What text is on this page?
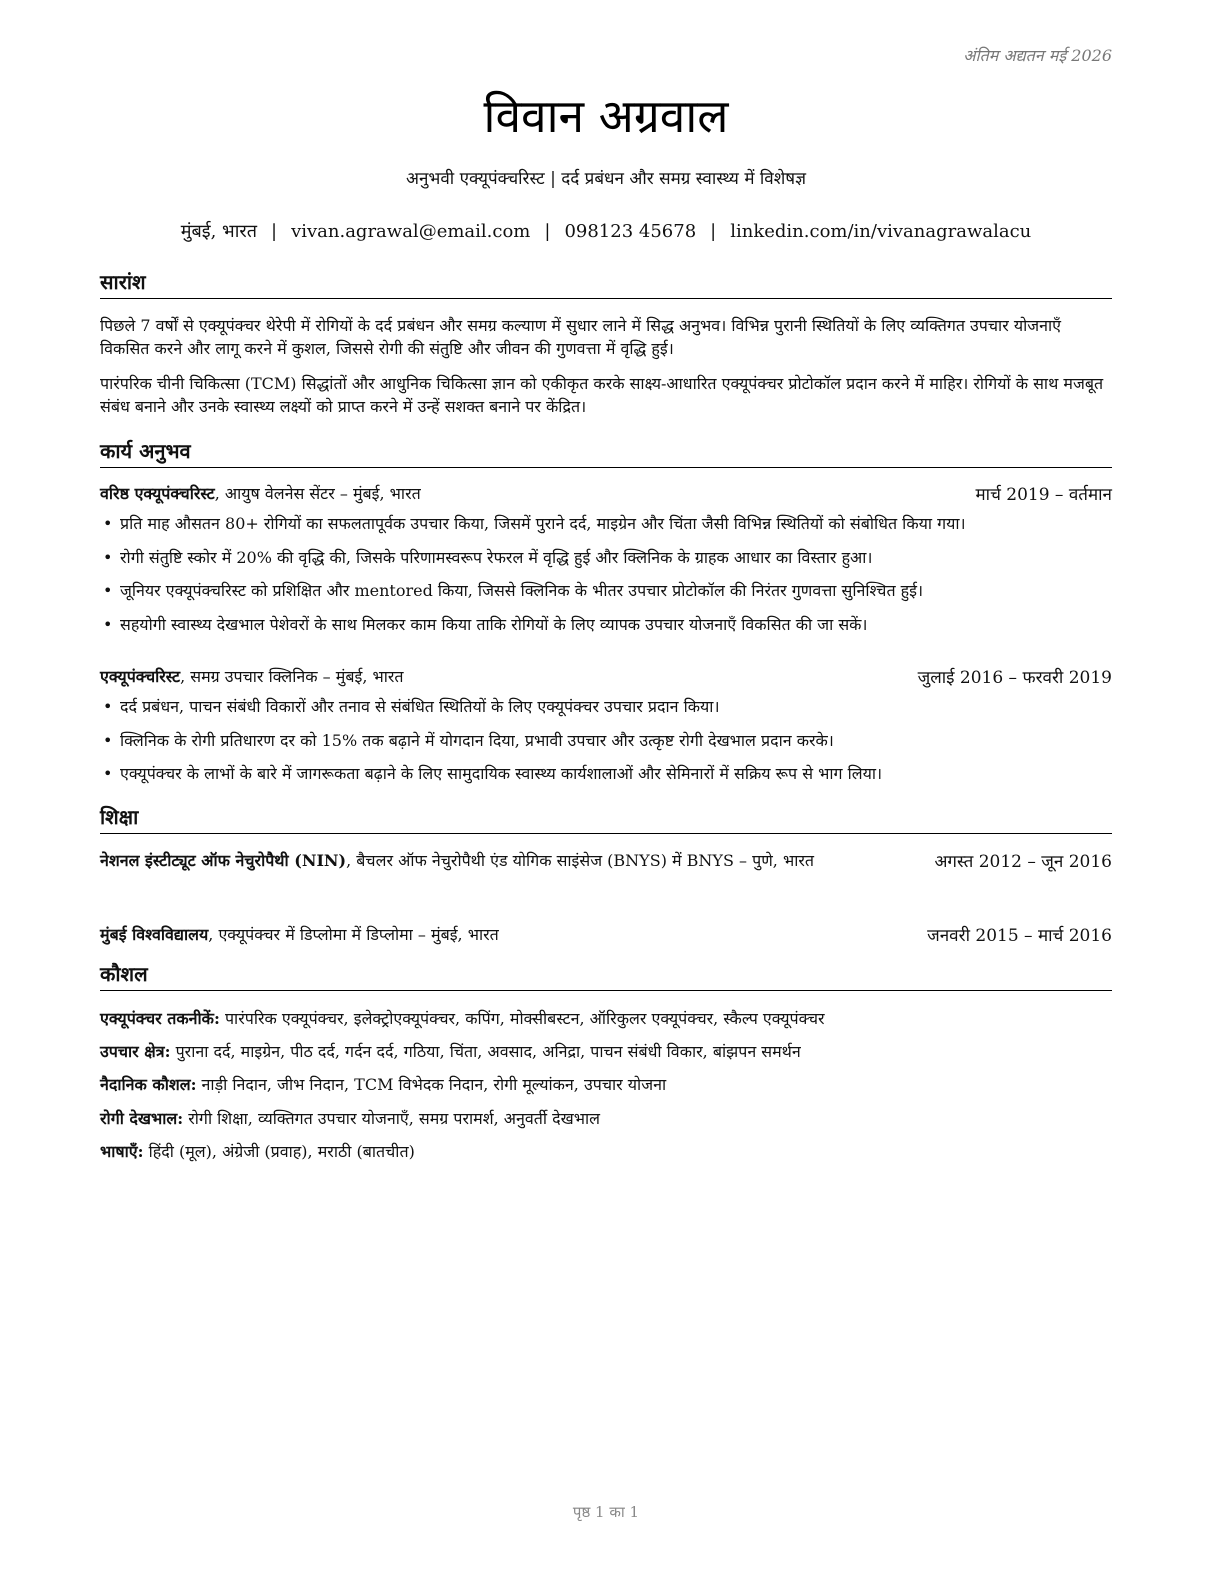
अंतिम अद्यतन मई 2026
विवान अग्रवाल
अनुभवी एक्यूपंक्चरिस्ट | दर्द प्रबंधन और समग्र स्वास्थ्य में विशेषज्ञ
मुंबई, भारत | vivan.agrawal@email.com | 098123 45678 | linkedin.com/in/vivanagrawalacu
सारांश
पिछले 7 वर्षों से एक्यूपंक्चर थेरेपी में रोगियों के दर्द प्रबंधन और समग्र कल्याण में सुधार लाने में सिद्ध अनुभव। विभिन्न पुरानी स्थितियों के लिए व्यक्तिगत उपचार योजनाएँ विकसित करने और लागू करने में कुशल, जिससे रोगी की संतुष्टि और जीवन की गुणवत्ता में वृद्धि हुई।
पारंपरिक चीनी चिकित्सा (TCM) सिद्धांतों और आधुनिक चिकित्सा ज्ञान को एकीकृत करके साक्ष्य-आधारित एक्यूपंक्चर प्रोटोकॉल प्रदान करने में माहिर। रोगियों के साथ मजबूत संबंध बनाने और उनके स्वास्थ्य लक्ष्यों को प्राप्त करने में उन्हें सशक्त बनाने पर केंद्रित।
कार्य अनुभव
वरिष्ठ एक्यूपंक्चरिस्ट, आयुष वेलनेस सेंटर – मुंबई, भारत	मार्च 2019 – वर्तमान
• प्रति माह औसतन 80+ रोगियों का सफलतापूर्वक उपचार किया, जिसमें पुराने दर्द, माइग्रेन और चिंता जैसी विभिन्न स्थितियों को संबोधित किया गया।
• रोगी संतुष्टि स्कोर में 20% की वृद्धि की, जिसके परिणामस्वरूप रेफरल में वृद्धि हुई और क्लिनिक के ग्राहक आधार का विस्तार हुआ।
• जूनियर एक्यूपंक्चरिस्ट को प्रशिक्षित और mentored किया, जिससे क्लिनिक के भीतर उपचार प्रोटोकॉल की निरंतर गुणवत्ता सुनिश्चित हुई।
• सहयोगी स्वास्थ्य देखभाल पेशेवरों के साथ मिलकर काम किया ताकि रोगियों के लिए व्यापक उपचार योजनाएँ विकसित की जा सकें।
एक्यूपंक्चरिस्ट, समग्र उपचार क्लिनिक – मुंबई, भारत	जुलाई 2016 – फरवरी 2019
• दर्द प्रबंधन, पाचन संबंधी विकारों और तनाव से संबंधित स्थितियों के लिए एक्यूपंक्चर उपचार प्रदान किया।
• क्लिनिक के रोगी प्रतिधारण दर को 15% तक बढ़ाने में योगदान दिया, प्रभावी उपचार और उत्कृष्ट रोगी देखभाल प्रदान करके।
• एक्यूपंक्चर के लाभों के बारे में जागरूकता बढ़ाने के लिए सामुदायिक स्वास्थ्य कार्यशालाओं और सेमिनारों में सक्रिय रूप से भाग लिया।
शिक्षा
नेशनल इंस्टीट्यूट ऑफ नेचुरोपैथी (NIN), बैचलर ऑफ नेचुरोपैथी एंड योगिक साइंसेज (BNYS) में BNYS – पुणे, भारत	अगस्त 2012 – जून 2016
मुंबई विश्वविद्यालय, एक्यूपंक्चर में डिप्लोमा में डिप्लोमा – मुंबई, भारत	जनवरी 2015 – मार्च 2016
कौशल
एक्यूपंक्चर तकनीकें: पारंपरिक एक्यूपंक्चर, इलेक्ट्रोएक्यूपंक्चर, कपिंग, मोक्सीबस्टन, ऑरिकुलर एक्यूपंक्चर, स्कैल्प एक्यूपंक्चर
उपचार क्षेत्र: पुराना दर्द, माइग्रेन, पीठ दर्द, गर्दन दर्द, गठिया, चिंता, अवसाद, अनिद्रा, पाचन संबंधी विकार, बांझपन समर्थन
नैदानिक कौशल: नाड़ी निदान, जीभ निदान, TCM विभेदक निदान, रोगी मूल्यांकन, उपचार योजना
रोगी देखभाल: रोगी शिक्षा, व्यक्तिगत उपचार योजनाएँ, समग्र परामर्श, अनुवर्ती देखभाल
भाषाएँ: हिंदी (मूल), अंग्रेजी (प्रवाह), मराठी (बातचीत)
पृष्ठ 1 का 1
